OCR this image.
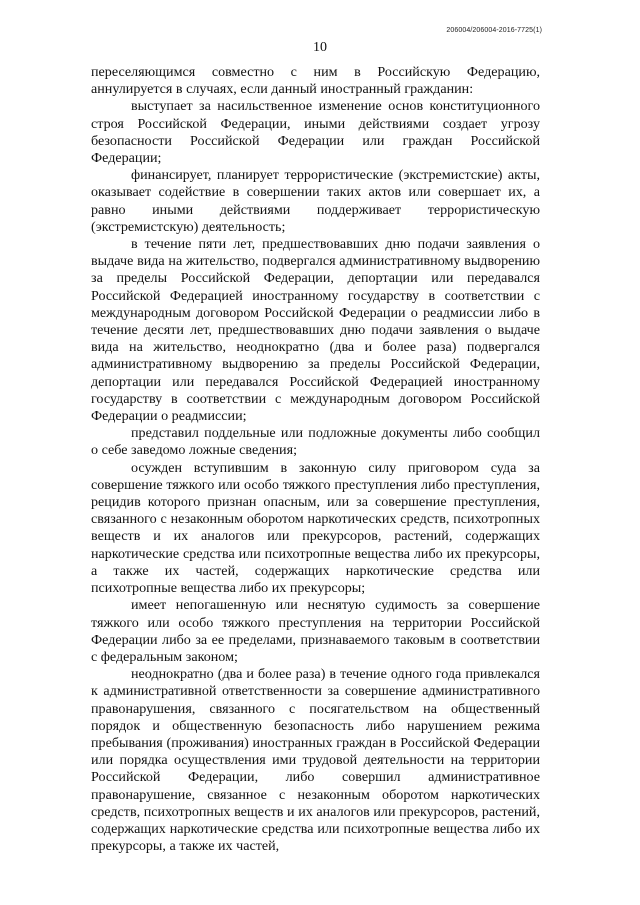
206004/206004-2016-7725(1)
10

переселяющимся совместно с ним в Российскую Федерацию, аннулируется в случаях, если данный иностранный гражданин:

выступает за насильственное изменение основ конституционного строя Российской Федерации, иными действиями создает угрозу безопасности Российской Федерации или граждан Российской Федерации;

финансирует, планирует террористические (экстремистские) акты, оказывает содействие в совершении таких актов или совершает их, а равно иными действиями поддерживает террористическую (экстремистскую) деятельность;

в течение пяти лет, предшествовавших дню подачи заявления о выдаче вида на жительство, подвергался административному выдворению за пределы Российской Федерации, депортации или передавался Российской Федерацией иностранному государству в соответствии с международным договором Российской Федерации о реадмиссии либо в течение десяти лет, предшествовавших дню подачи заявления о выдаче вида на жительство, неоднократно (два и более раза) подвергался административному выдворению за пределы Российской Федерации, депортации или передавался Российской Федерацией иностранному государству в соответствии с международным договором Российской Федерации о реадмиссии;

представил поддельные или подложные документы либо сообщил о себе заведомо ложные сведения;

осужден вступившим в законную силу приговором суда за совершение тяжкого или особо тяжкого преступления либо преступления, рецидив которого признан опасным, или за совершение преступления, связанного с незаконным оборотом наркотических средств, психотропных веществ и их аналогов или прекурсоров, растений, содержащих наркотические средства или психотропные вещества либо их прекурсоры, а также их частей, содержащих наркотические средства или психотропные вещества либо их прекурсоры;

имеет непогашенную или неснятую судимость за совершение тяжкого или особо тяжкого преступления на территории Российской Федерации либо за ее пределами, признаваемого таковым в соответствии с федеральным законом;

неоднократно (два и более раза) в течение одного года привлекался к административной ответственности за совершение административного правонарушения, связанного с посягательством на общественный порядок и общественную безопасность либо нарушением режима пребывания (проживания) иностранных граждан в Российской Федерации или порядка осуществления ими трудовой деятельности на территории Российской Федерации, либо совершил административное правонарушение, связанное с незаконным оборотом наркотических средств, психотропных веществ и их аналогов или прекурсоров, растений, содержащих наркотические средства или психотропные вещества либо их прекурсоры, а также их частей,
